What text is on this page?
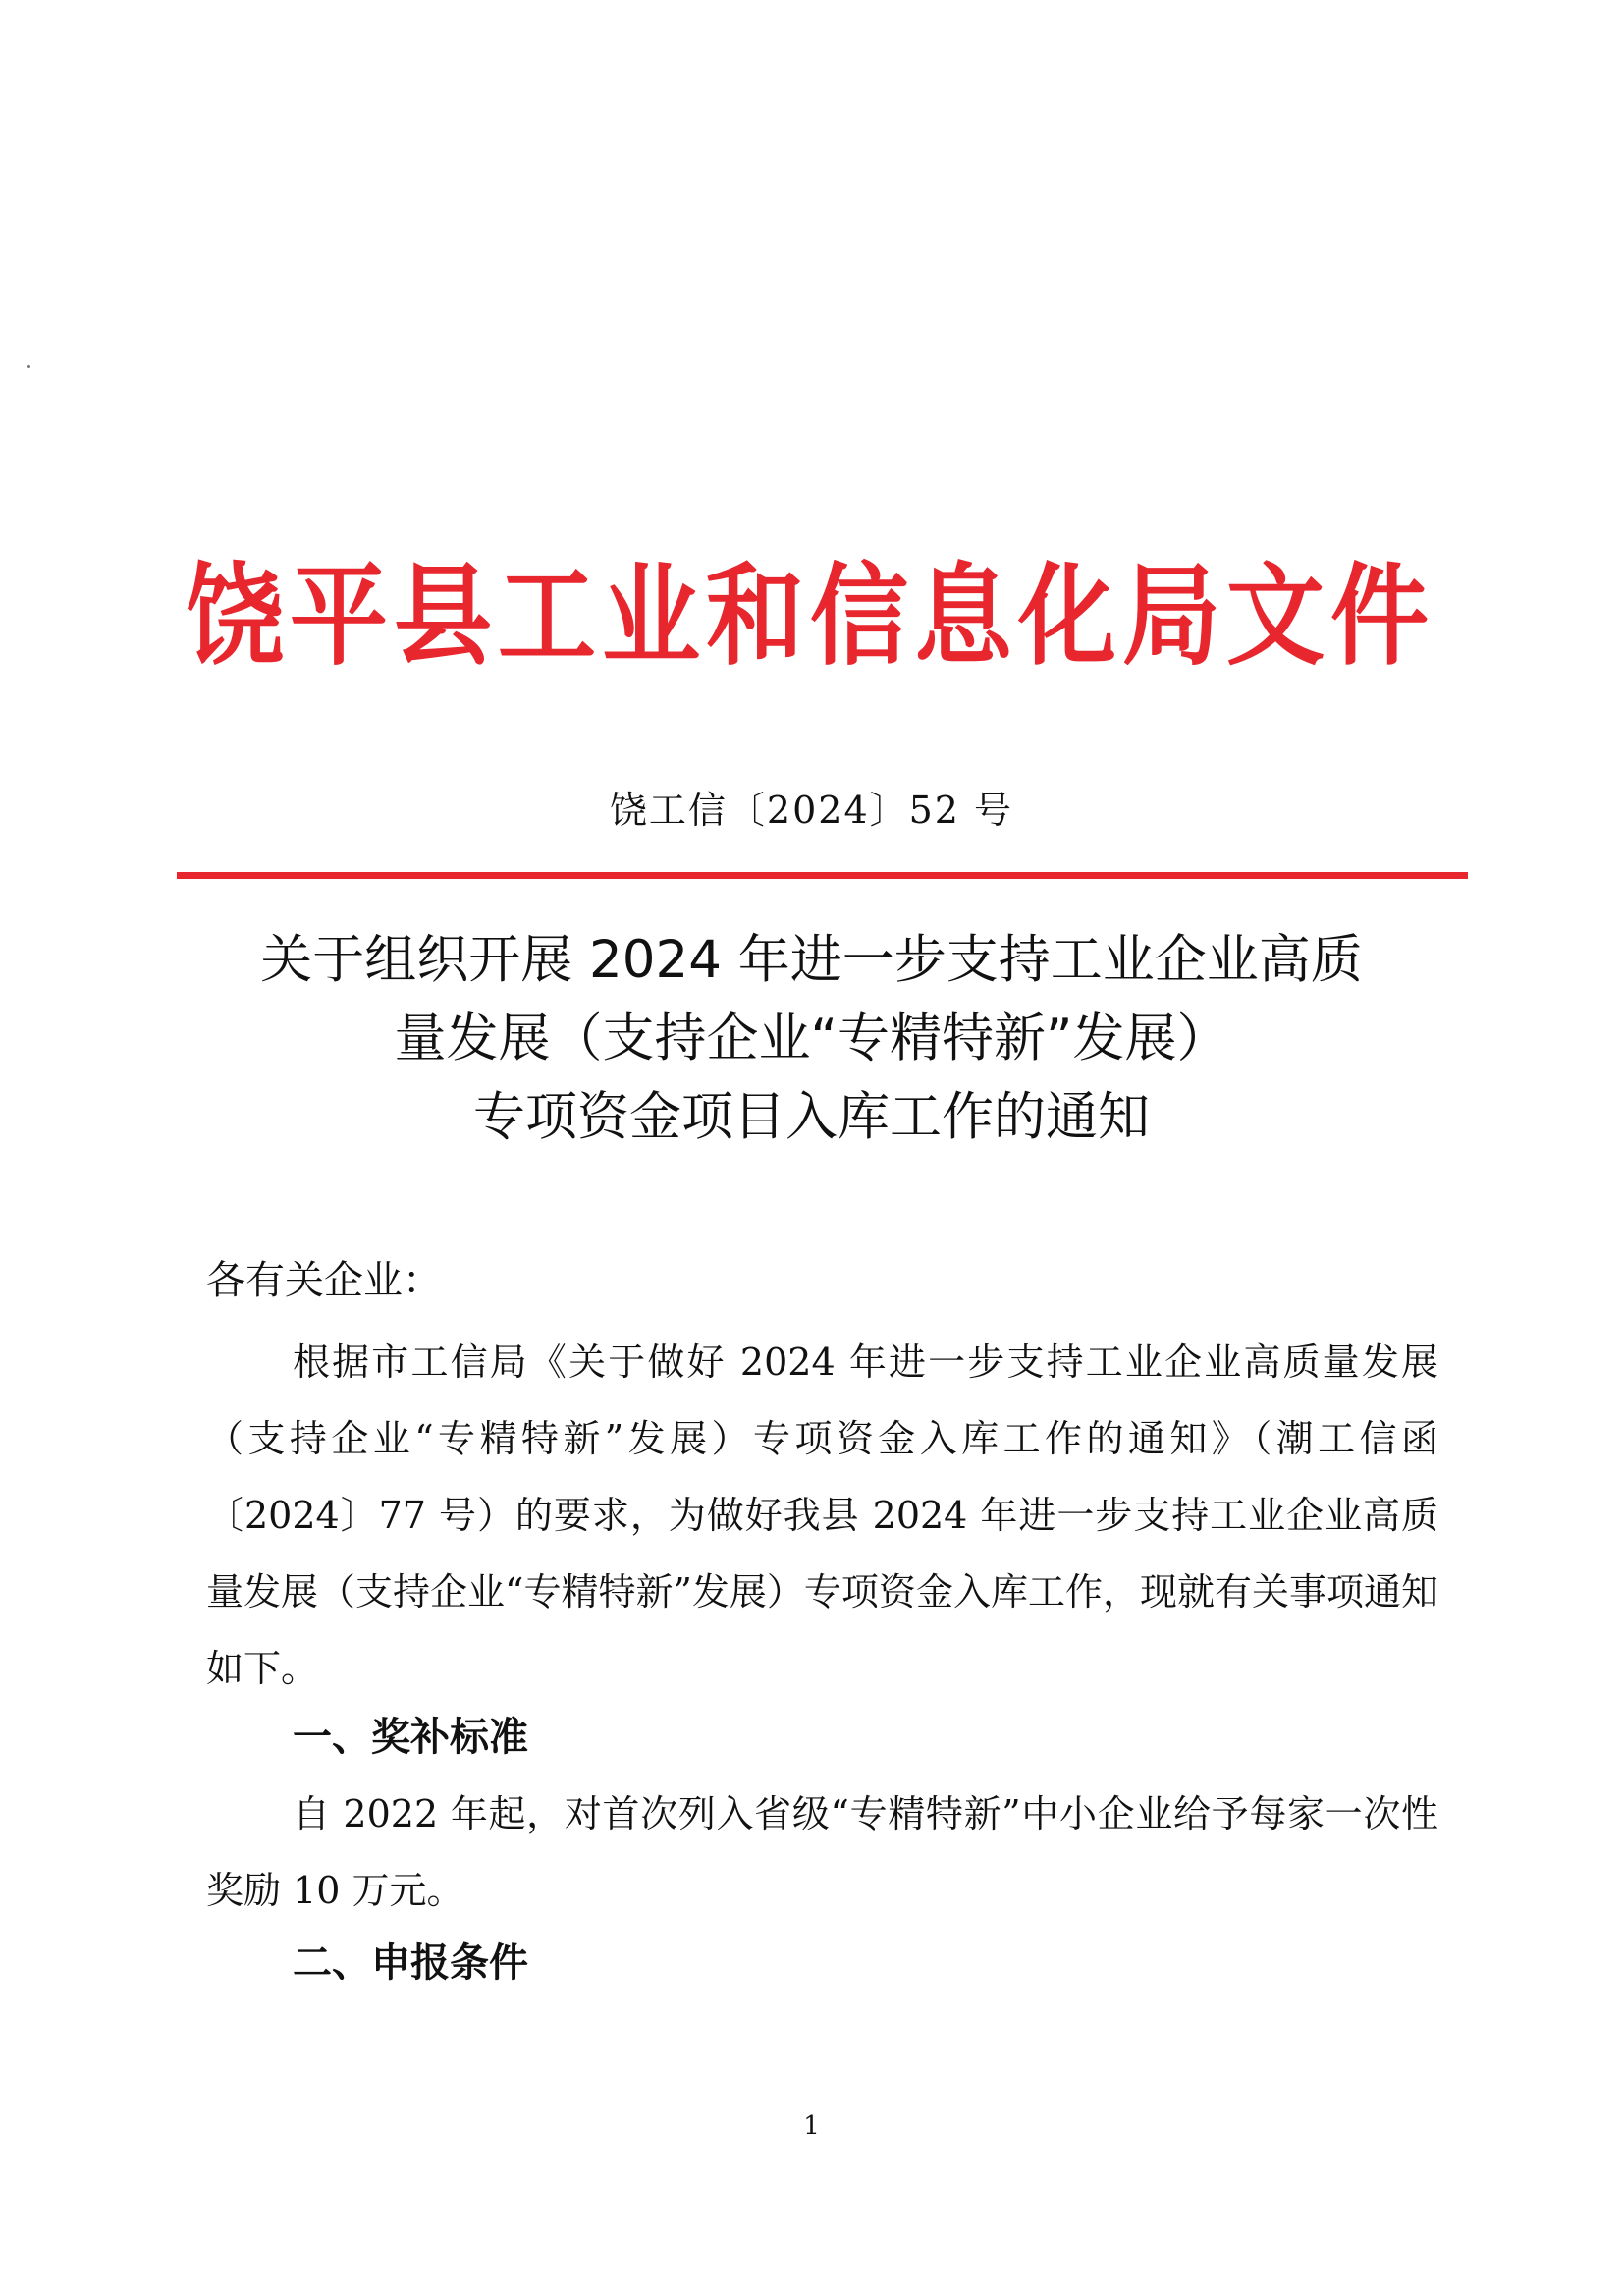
饶平县工业和信息化局文件
饶工信〔2024〕52 号
关于组织开展 2024 年进一步支持工业企业高质
量发展（支持企业“专精特新”发展）
专项资金项目入库工作的通知
各有关企业：
根据市工信局《关于做好 2024 年进一步支持工业企业高质量发展（支持企业“专精特新”发展）专项资金入库工作的通知》（潮工信函〔2024〕77 号）的要求，为做好我县 2024 年进一步支持工业企业高质量发展（支持企业“专精特新”发展）专项资金入库工作，现就有关事项通知如下。
一、奖补标准
自 2022 年起，对首次列入省级“专精特新”中小企业给予每家一次性奖励 10 万元。
二、申报条件
1
